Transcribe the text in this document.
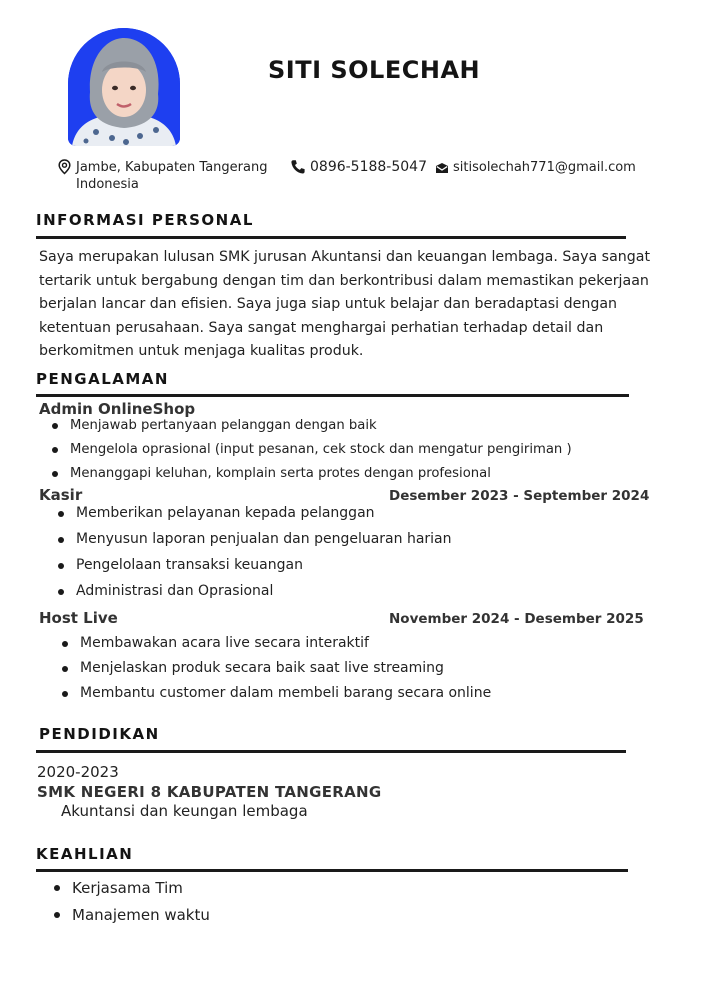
SITI SOLECHAH
Jambe, Kabupaten Tangerang
Indonesia
0896-5188-5047	sitisolechah771@gmail.com
INFORMASI PERSONAL

Saya merupakan lulusan SMK jurusan Akuntansi dan keuangan lembaga. Saya sangat tertarik untuk bergabung dengan tim dan berkontribusi dalam memastikan pekerjaan berjalan lancar dan efisien. Saya juga siap untuk belajar dan beradaptasi dengan ketentuan perusahaan. Saya sangat menghargai perhatian terhadap detail dan berkomitmen untuk menjaga kualitas produk.

PENGALAMAN
Admin OnlineShop
Menjawab pertanyaan pelanggan dengan baik
Mengelola oprasional (input pesanan, cek stock dan mengatur pengiriman )
Menanggapi keluhan, komplain serta protes dengan profesional
Kasir	Desember 2023 - September 2024
Memberikan pelayanan kepada pelanggan
Menyusun laporan penjualan dan pengeluaran harian
Pengelolaan transaksi keuangan
Administrasi dan Oprasional
Host Live	November 2024 - Desember 2025
Membawakan acara live secara interaktif
Menjelaskan produk secara baik saat live streaming
Membantu customer dalam membeli barang secara online
PENDIDIKAN
2020-2023
SMK NEGERI 8 KABUPATEN TANGERANG
Akuntansi dan keungan lembaga
KEAHLIAN
Kerjasama Tim
Manajemen waktu
